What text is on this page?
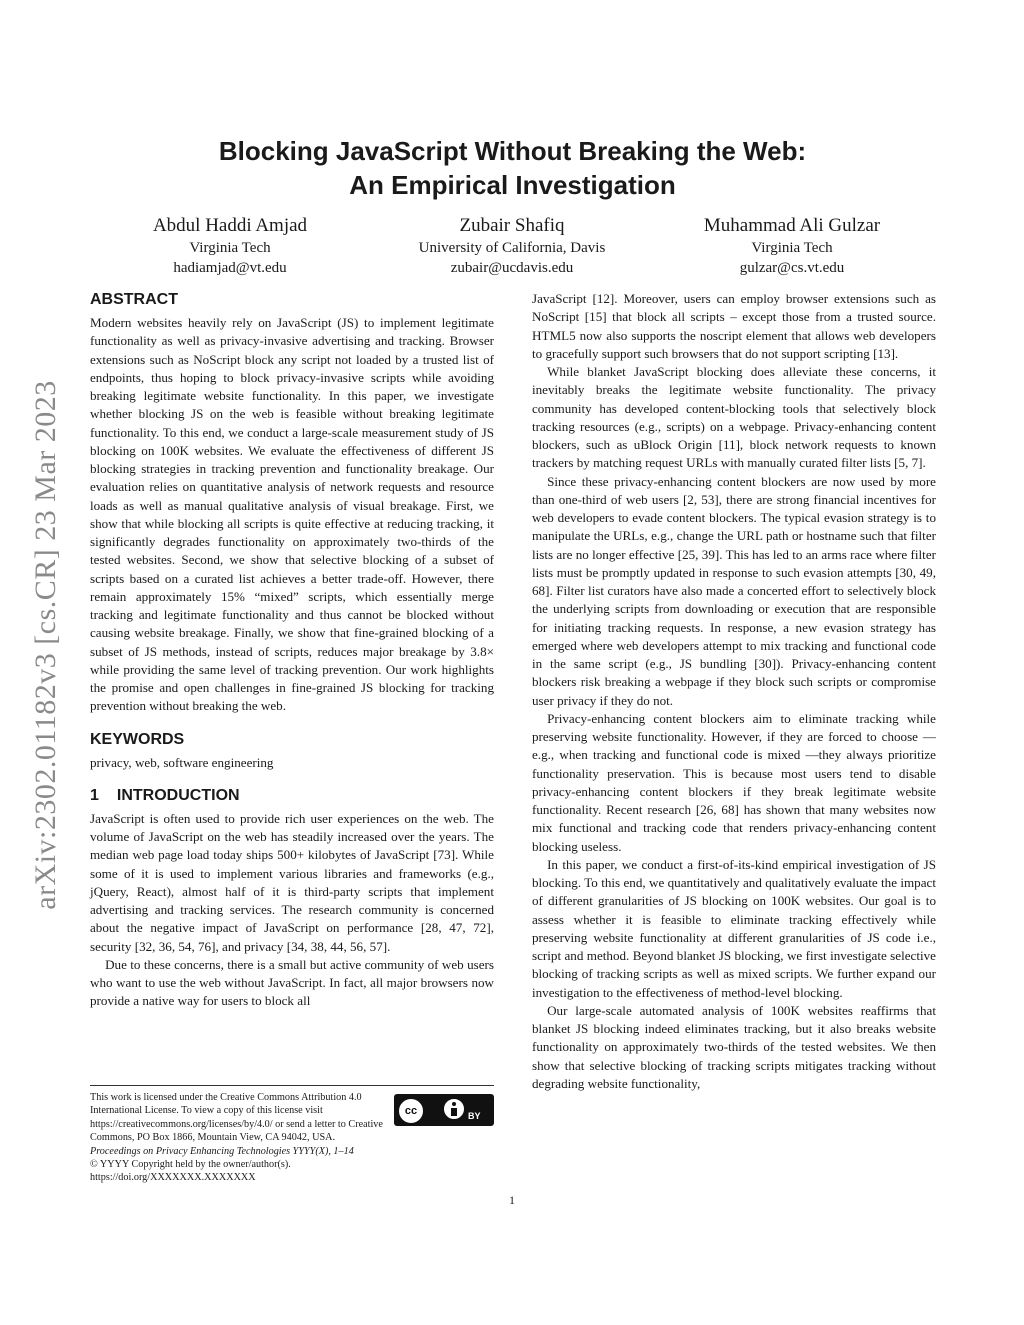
arXiv:2302.01182v3 [cs.CR] 23 Mar 2023
Blocking JavaScript Without Breaking the Web:
An Empirical Investigation
Abdul Haddi Amjad
Virginia Tech
hadiamjad@vt.edu
Zubair Shafiq
University of California, Davis
zubair@ucdavis.edu
Muhammad Ali Gulzar
Virginia Tech
gulzar@cs.vt.edu
ABSTRACT

Modern websites heavily rely on JavaScript (JS) to implement legitimate functionality as well as privacy-invasive advertising and tracking. Browser extensions such as NoScript block any script not loaded by a trusted list of endpoints, thus hoping to block privacy-invasive scripts while avoiding breaking legitimate website functionality. In this paper, we investigate whether blocking JS on the web is feasible without breaking legitimate functionality. To this end, we conduct a large-scale measurement study of JS blocking on 100K websites. We evaluate the effectiveness of different JS blocking strategies in tracking prevention and functionality breakage. Our evaluation relies on quantitative analysis of network requests and resource loads as well as manual qualitative analysis of visual breakage. First, we show that while blocking all scripts is quite effective at reducing tracking, it significantly degrades functionality on approximately two-thirds of the tested websites. Second, we show that selective blocking of a subset of scripts based on a curated list achieves a better trade-off. However, there remain approximately 15% “mixed” scripts, which essentially merge tracking and legitimate functionality and thus cannot be blocked without causing website breakage. Finally, we show that fine-grained blocking of a subset of JS methods, instead of scripts, reduces major breakage by 3.8× while providing the same level of tracking prevention. Our work highlights the promise and open challenges in fine-grained JS blocking for tracking prevention without breaking the web.

KEYWORDS

privacy, web, software engineering

1 INTRODUCTION

JavaScript is often used to provide rich user experiences on the web. The volume of JavaScript on the web has steadily increased over the years. The median web page load today ships 500+ kilobytes of JavaScript [73]. While some of it is used to implement various libraries and frameworks (e.g., jQuery, React), almost half of it is third-party scripts that implement advertising and tracking services. The research community is concerned about the negative impact of JavaScript on performance [28, 47, 72], security [32, 36, 54, 76], and privacy [34, 38, 44, 56, 57].

Due to these concerns, there is a small but active community of web users who want to use the web without JavaScript. In fact, all major browsers now provide a native way for users to block all

JavaScript [12]. Moreover, users can employ browser extensions such as NoScript [15] that block all scripts – except those from a trusted source. HTML5 now also supports the noscript element that allows web developers to gracefully support such browsers that do not support scripting [13].

While blanket JavaScript blocking does alleviate these concerns, it inevitably breaks the legitimate website functionality. The privacy community has developed content-blocking tools that selectively block tracking resources (e.g., scripts) on a webpage. Privacy-enhancing content blockers, such as uBlock Origin [11], block network requests to known trackers by matching request URLs with manually curated filter lists [5, 7].

Since these privacy-enhancing content blockers are now used by more than one-third of web users [2, 53], there are strong financial incentives for web developers to evade content blockers. The typical evasion strategy is to manipulate the URLs, e.g., change the URL path or hostname such that filter lists are no longer effective [25, 39]. This has led to an arms race where filter lists must be promptly updated in response to such evasion attempts [30, 49, 68]. Filter list curators have also made a concerted effort to selectively block the underlying scripts from downloading or execution that are responsible for initiating tracking requests. In response, a new evasion strategy has emerged where web developers attempt to mix tracking and functional code in the same script (e.g., JS bundling [30]). Privacy-enhancing content blockers risk breaking a webpage if they block such scripts or compromise user privacy if they do not.

Privacy-enhancing content blockers aim to eliminate tracking while preserving website functionality. However, if they are forced to choose — e.g., when tracking and functional code is mixed —they always prioritize functionality preservation. This is because most users tend to disable privacy-enhancing content blockers if they break legitimate website functionality. Recent research [26, 68] has shown that many websites now mix functional and tracking code that renders privacy-enhancing content blocking useless.

In this paper, we conduct a first-of-its-kind empirical investigation of JS blocking. To this end, we quantitatively and qualitatively evaluate the impact of different granularities of JS blocking on 100K websites. Our goal is to assess whether it is feasible to eliminate tracking effectively while preserving website functionality at different granularities of JS code i.e., script and method. Beyond blanket JS blocking, we first investigate selective blocking of tracking scripts as well as mixed scripts. We further expand our investigation to the effectiveness of method-level blocking.

Our large-scale automated analysis of 100K websites reaffirms that blanket JS blocking indeed eliminates tracking, but it also breaks website functionality on approximately two-thirds of the tested websites. We then show that selective blocking of tracking scripts mitigates tracking without degrading website functionality,

This work is licensed under the Creative Commons Attribution 4.0 International License. To view a copy of this license visit https://creativecommons.org/licenses/by/4.0/ or send a letter to Creative Commons, PO Box 1866, Mountain View, CA 94042, USA.

Proceedings on Privacy Enhancing Technologies YYYY(X), 1–14

© YYYY Copyright held by the owner/author(s).

https://doi.org/XXXXXXX.XXXXXXX

cc	BY
1
